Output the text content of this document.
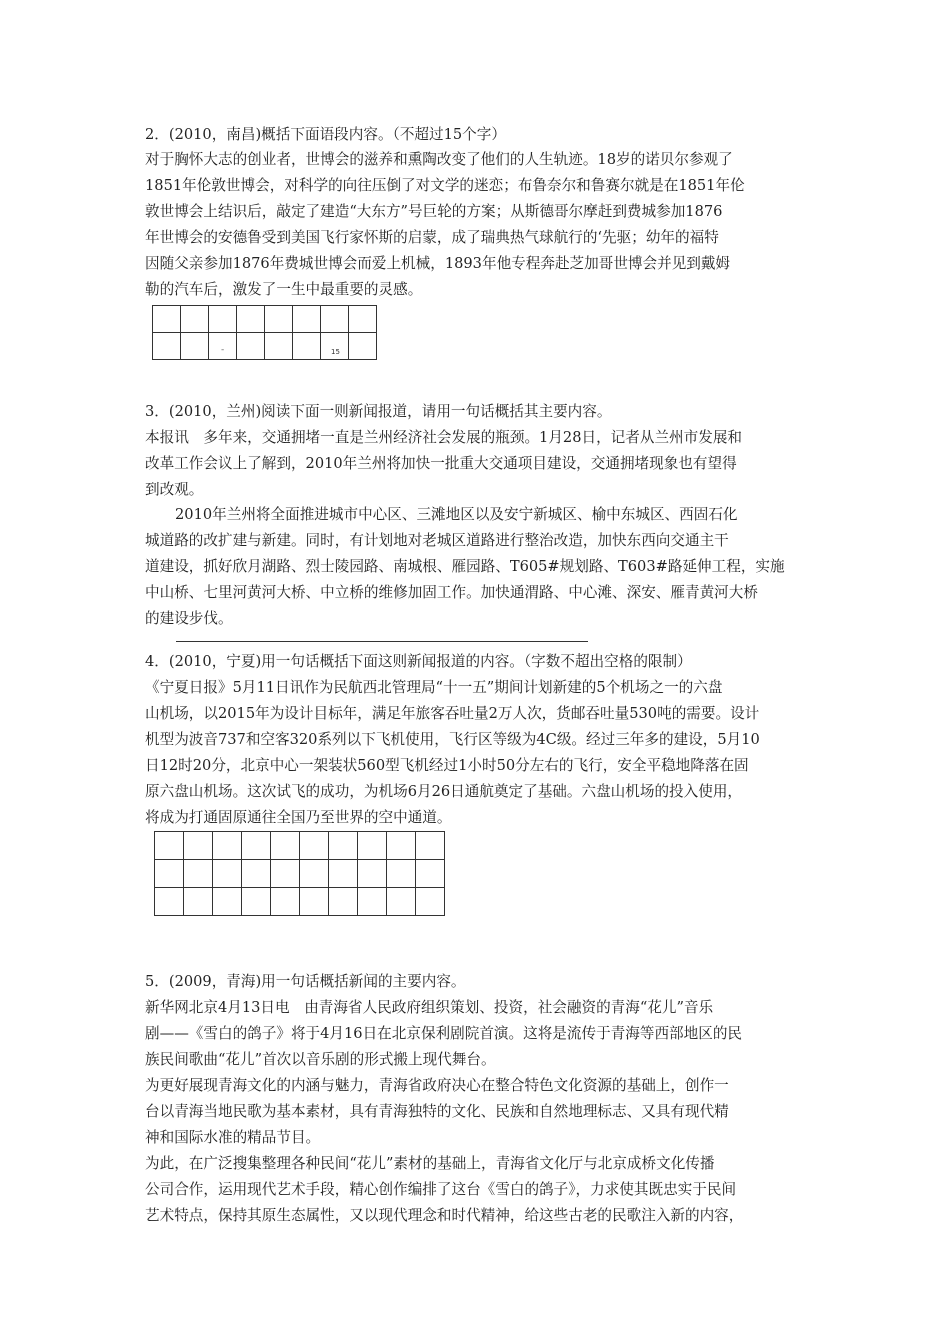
2．(2010，南昌)概括下面语段内容。（不超过15个字）
对于胸怀大志的创业者，世博会的滋养和熏陶改变了他们的人生轨迹。18岁的诺贝尔参观了
1851年伦敦世博会，对科学的向往压倒了对文学的迷恋；布鲁奈尔和鲁赛尔就是在1851年伦
敦世博会上结识后，敲定了建造“大东方”号巨轮的方案；从斯德哥尔摩赶到费城参加1876
年世博会的安德鲁受到美国飞行家怀斯的启蒙，成了瑞典热气球航行的‘先驱；幼年的福特
因随父亲参加1876年费城世博会而爱上机械，1893年他专程奔赴芝加哥世博会并见到戴姆
勒的汽车后，激发了一生中最重要的灵感。

		-				15	

3．(2010，兰州)阅读下面一则新闻报道，请用一句话概括其主要内容。
本报讯　多年来，交通拥堵一直是兰州经济社会发展的瓶颈。1月28日，记者从兰州市发展和
改革工作会议上了解到，2010年兰州将加快一批重大交通项目建设，交通拥堵现象也有望得
到改观。
2010年兰州将全面推进城市中心区、三滩地区以及安宁新城区、榆中东城区、西固石化
城道路的改扩建与新建。同时，有计划地对老城区道路进行整治改造，加快东西向交通主干
道建设，抓好欣月湖路、烈士陵园路、南城根、雁园路、T605#规划路、T603#路延伸工程，实施
中山桥、七里河黄河大桥、中立桥的维修加固工作。加快通渭路、中心滩、深安、雁青黄河大桥
的建设步伐。
4．(2010，宁夏)用一句话概括下面这则新闻报道的内容。（字数不超出空格的限制）
《宁夏日报》5月11日讯作为民航西北管理局“十一五”期间计划新建的5个机场之一的六盘
山机场，以2015年为设计目标年，满足年旅客吞吐量2万人次，货邮吞吐量530吨的需要。设计
机型为波音737和空客320系列以下飞机使用，飞行区等级为4C级。经过三年多的建设，5月10
日12时20分，北京中心一架装状560型飞机经过1小时50分左右的飞行，安全平稳地降落在固
原六盘山机场。这次试飞的成功，为机场6月26日通航奠定了基础。六盘山机场的投入使用，
将成为打通固原通往全国乃至世界的空中通道。

5．(2009，青海)用一句话概括新闻的主要内容。
新华网北京4月13日电　由青海省人民政府组织策划、投资，社会融资的青海“花儿”音乐
剧——《雪白的鸽子》将于4月16日在北京保利剧院首演。这将是流传于青海等西部地区的民
族民间歌曲“花儿”首次以音乐剧的形式搬上现代舞台。
为更好展现青海文化的内涵与魅力，青海省政府决心在整合特色文化资源的基础上，创作一
台以青海当地民歌为基本素材，具有青海独特的文化、民族和自然地理标志、又具有现代精
神和国际水准的精品节目。
为此，在广泛搜集整理各种民间“花儿”素材的基础上，青海省文化厅与北京成桥文化传播
公司合作，运用现代艺术手段，精心创作编排了这台《雪白的鸽子》，力求使其既忠实于民间
艺术特点，保持其原生态属性，又以现代理念和时代精神，给这些古老的民歌注入新的内容，
